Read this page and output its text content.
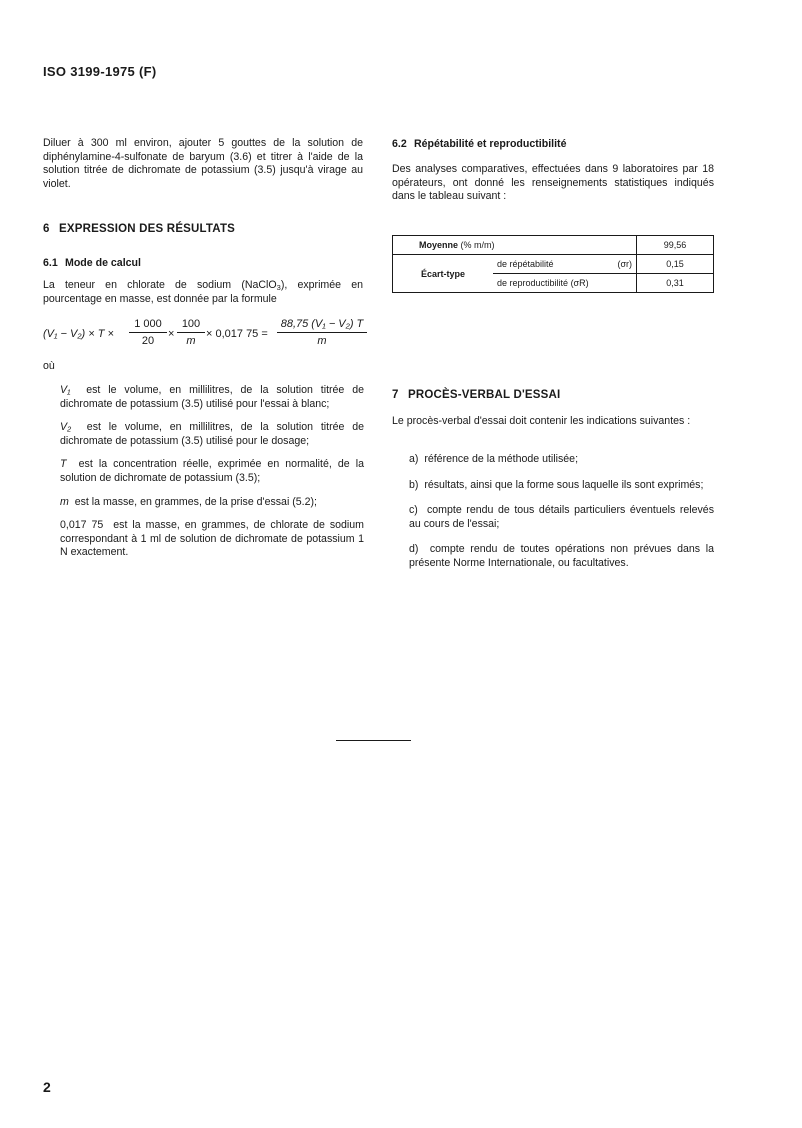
ISO 3199-1975 (F)

Diluer à 300 ml environ, ajouter 5 gouttes de la solution de diphénylamine-4-sulfonate de baryum (3.6) et titrer à l'aide de la solution titrée de dichromate de potassium (3.5) jusqu'à virage au violet.

6 EXPRESSION DES RÉSULTATS
6.1 Mode de calcul

La teneur en chlorate de sodium (NaClO$_3$), exprimée en pourcentage en masse, est donnée par la formule

(V₁ − V₂) × T ×
1 000
20
×
100
m
× 0,017 75 =
88,75 (V₁ − V₂) T
m
où

V₁ est le volume, en millilitres, de la solution titrée de dichromate de potassium (3.5) utilisé pour l'essai à blanc;

V₂ est le volume, en millilitres, de la solution titrée de dichromate de potassium (3.5) utilisé pour le dosage;

T est la concentration réelle, exprimée en normalité, de la solution de dichromate de potassium (3.5);

m est la masse, en grammes, de la prise d'essai (5.2);

0,017 75 est la masse, en grammes, de chlorate de sodium correspondant à 1 ml de solution de dichromate de potassium 1 N exactement.

6.2 Répétabilité et reproductibilité

Des analyses comparatives, effectuées dans 9 laboratoires par 18 opérateurs, ont donné les renseignements statistiques indiqués dans le tableau suivant :

Moyenne (% m/m)		99,56
Écart-type	de répétabilité (σr)	0,15
	de reproductibilité (σR)	0,31
7 PROCÈS-VERBAL D'ESSAI

Le procès-verbal d'essai doit contenir les indications suivantes :

a) référence de la méthode utilisée;

b) résultats, ainsi que la forme sous laquelle ils sont exprimés;

c) compte rendu de tous détails particuliers éventuels relevés au cours de l'essai;

d) compte rendu de toutes opérations non prévues dans la présente Norme Internationale, ou facultatives.

2
